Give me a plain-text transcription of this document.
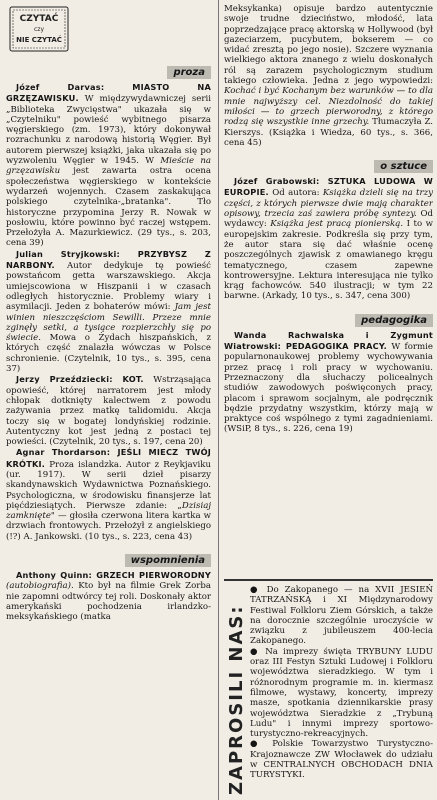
CZYTAĆ
czy
NIE CZYTAĆ
proza

Józef Darvas: MIASTO NA GRZĘZAWISKU. W międzywydawniczej serii „Biblioteka Zwycięstwa" ukazała się w „Czytelniku" powieść wybitnego pisarza węgierskiego (zm. 1973), który dokonywał rozrachunku z narodową historią Węgier. Był autorem pierwszej książki, jaka ukazała się po wyzwoleniu Węgier w 1945. W Mieście na grzęzawisku jest zawarta ostra ocena społeczeństwa węgierskiego w kontekście wydarzeń wojennych. Czasem zaskakująca polskiego czytelnika-„bratanka". Tło historyczne przypomina Jerzy R. Nowak w posłowiu, które powinno być raczej wstępem. Przełożyła A. Mazurkiewicz. (29 tys., s. 203, cena 39)

Julian Stryjkowski: PRZYBYSZ Z NARBONY. Autor dedykuje tę powieść powstańcom getta warszawskiego. Akcja umiejscowiona w Hiszpanii i w czasach odległych historycznie. Problemy wiary i asymilacji. Jeden z bohaterów mówi: Jam jest winien nieszczęściom Sewilli. Przeze mnie zginęły setki, a tysiące rozpierzchły się po świecie. Mowa o Żydach hiszpańskich, z których część znalazła wówczas w Polsce schronienie. (Czytelnik, 10 tys., s. 395, cena 37)

Jerzy Przeździecki: KOT. Wstrząsająca opowieść, której narratorem jest młody chłopak dotknięty kalectwem z powodu zażywania przez matkę talidomidu. Akcja toczy się w bogatej londyńskiej rodzinie. Autentyczny kot jest jedną z postaci tej powieści. (Czytelnik, 20 tys., s. 197, cena 20)

Agnar Thordarson: JEŚLI MIECZ TWÓJ KRÓTKI. Proza islandzka. Autor z Reykjaviku (ur. 1917). W serii dzieł pisarzy skandynawskich Wydawnictwa Poznańskiego. Psychologiczna, w środowisku finansjerze lat pięćdziesiątych. Pierwsze zdanie: „Dzisiaj zamknięte" — głosiła czerwona litera kartka w drzwiach frontowych. Przełożył z angielskiego (!?) A. Jankowski. (10 tys., s. 223, cena 43)

wspomnienia

Anthony Quinn: GRZECH PIERWORODNY (autobiografia). Kto był na filmie Grek Zorba nie zapomni odtwórcy tej roli. Doskonały aktor amerykański pochodzenia irlandzko-meksykańskiego (matka

Meksykanka) opisuje bardzo autentycznie swoje trudne dzieciństwo, młodość, lata poprzedzające pracę aktorską w Hollywood (był gazeciarzem, pucybutem, bokserem — co widać zresztą po jego nosie). Szczere wyznania wielkiego aktora znanego z wielu doskonałych ról są zarazem psychologicznym studium takiego człowieka. Jedna z jego wypowiedzi: Kochać i być Kochanym bez warunków — to dla mnie najwyższy cel. Niezdolność do takiej miłości — to grzech pierworodny, z którego rodzą się wszystkie inne grzechy. Tłumaczyła Z. Kierszys. (Książka i Wiedza, 60 tys., s. 366, cena 45)

o sztuce

Józef Grabowski: SZTUKA LUDOWA W EUROPIE. Od autora: Książka dzieli się na trzy części, z których pierwsze dwie mają charakter opisowy, trzecia zaś zawiera próbę syntezy. Od wydawcy: Książka jest pracą pionierską. I to w europejskim zakresie. Podkreśla się przy tym, że autor stara się dać właśnie ocenę poszczególnych zjawisk z omawianego kręgu tematycznego, czasem zapewne kontrowersyjne. Lektura interesująca nie tylko krąg fachowców. 540 ilustracji; w tym 22 barwne. (Arkady, 10 tys., s. 347, cena 300)

pedagogika

Wanda Rachwalska i Zygmunt Wiatrowski: PEDAGOGIKA PRACY. W formie popularnonaukowej problemy wychowywania przez pracę i roli pracy w wychowaniu. Przeznaczony dla słuchaczy policealnych studiów zawodowych poświęconych pracy, placom i sprawom socjalnym, ale podręcznik będzie przydatny wszystkim, którzy mają w praktyce coś wspólnego z tymi zagadnieniami. (WSiP, 8 tys., s. 226, cena 19)

ZAPROSILI NAS:

● Do Zakopanego — na XVII JESIEŃ TATRZAŃSKĄ i XI Międzynarodowy Festiwal Folkloru Ziem Górskich, a także na dorocznie szczególnie uroczyście w związku z jubileuszem 400-lecia Zakopanego.

● Na imprezy święta TRYBUNY LUDU oraz III Festyn Sztuki Ludowej i Folkloru województwa sieradzkiego. W tym i różnorodnym programie m. in. kiermasz filmowe, wystawy, koncerty, imprezy masze, spotkania dziennikarskie prasy województwa Sieradzkie z „Trybuną Ludu" i innymi imprezy sportowo-turystyczno-rekreacyjnych.

● Polskie Towarzystwo Turystyczno-Krajoznawcze ZW Włocławek do udziału w CENTRALNYCH OBCHODACH DNIA TURYSTYKI.
